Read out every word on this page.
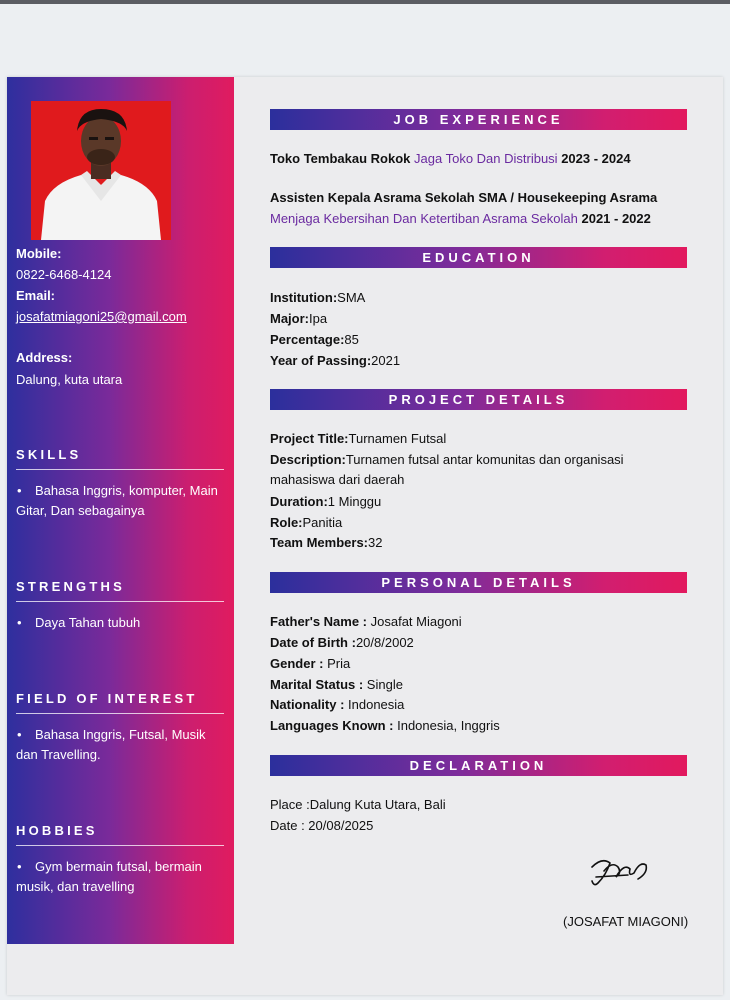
Mobile:
0822-6468-4124
Email:
josafatmiagoni25@gmail.com
Address:
Dalung, kuta utara
SKILLS
• Bahasa Inggris, komputer, Main
Gitar, Dan sebagainya
STRENGTHS
• Daya Tahan tubuh
FIELD OF INTEREST
• Bahasa Inggris, Futsal, Musik
dan Travelling.
HOBBIES
• Gym bermain futsal, bermain
musik, dan travelling
JOB EXPERIENCE
Toko Tembakau Rokok Jaga Toko Dan Distribusi 2023 - 2024
Assisten Kepala Asrama Sekolah SMA / Housekeeping Asrama
Menjaga Kebersihan Dan Ketertiban Asrama Sekolah 2021 - 2022
EDUCATION
Institution:SMA
Major:Ipa
Percentage:85
Year of Passing:2021
PROJECT DETAILS
Project Title:Turnamen Futsal
Description:Turnamen futsal antar komunitas dan organisasi mahasiswa dari daerah
Duration:1 Minggu
Role:Panitia
Team Members:32
PERSONAL DETAILS
Father's Name : Josafat Miagoni
Date of Birth :20/8/2002
Gender : Pria
Marital Status : Single
Nationality : Indonesia
Languages Known : Indonesia, Inggris
DECLARATION
Place :Dalung Kuta Utara, Bali
Date : 20/08/2025
(JOSAFAT MIAGONI)
